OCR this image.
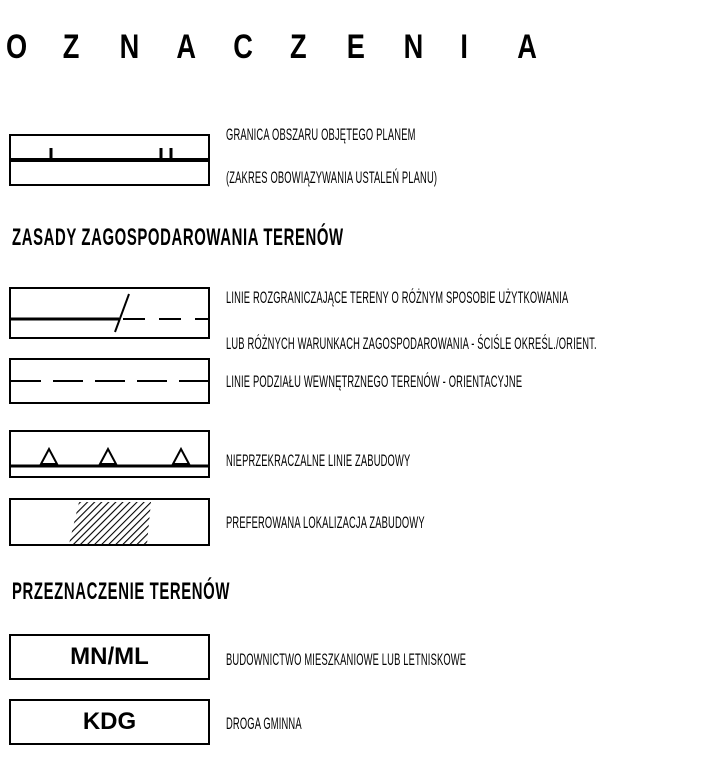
O Z N A C Z E N I A
GRANICA OBSZARU OBJĘTEGO PLANEM
(ZAKRES OBOWIĄZYWANIA USTALEŃ PLANU)
ZASADY ZAGOSPODAROWANIA TERENÓW
LINIE ROZGRANICZAJĄCE TERENY O RÓŻNYM SPOSOBIE UŻYTKOWANIA
LUB RÓŻNYCH WARUNKACH ZAGOSPODAROWANIA - ŚCIŚLE OKREŚL./ORIENT.
LINIE PODZIAŁU WEWNĘTRZNEGO TERENÓW - ORIENTACYJNE
NIEPRZEKRACZALNE LINIE ZABUDOWY
PREFEROWANA LOKALIZACJA ZABUDOWY
PRZEZNACZENIE TERENÓW
MN/ML	BUDOWNICTWO MIESZKANIOWE LUB LETNISKOWE
KDG	DROGA GMINNA
